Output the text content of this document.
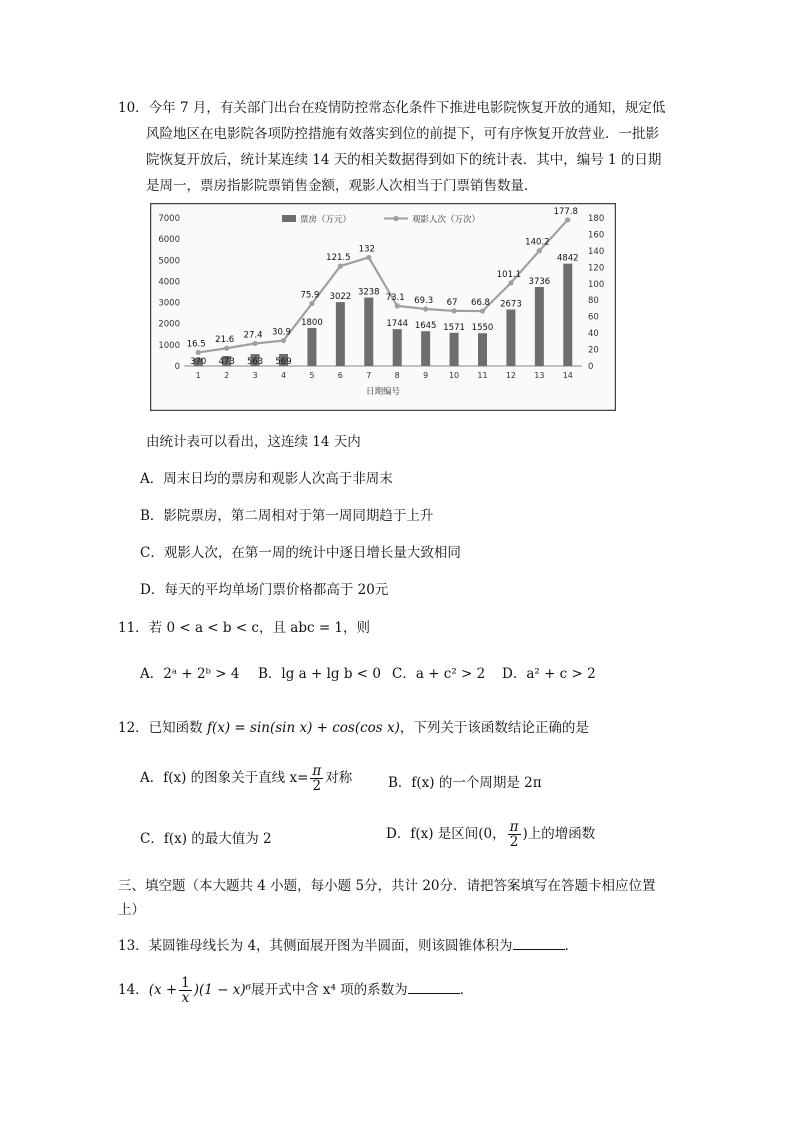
10．今年 7 月，有关部门出台在疫情防控常态化条件下推进电影院恢复开放的通知，规定低
风险地区在电影院各项防控措施有效落实到位的前提下，可有序恢复开放营业．一批影
院恢复开放后，统计某连续 14 天的相关数据得到如下的统计表．其中，编号 1 的日期
是周一，票房指影院票销售金额，观影人次相当于门票销售数量．
0
1000
2000
3000
4000
5000
6000
7000
0
20
40
60
80
100
120
140
160
180
370 473 563 569
1800
3022 3238
1744 1645 1571 1550
2673
3736
4842
16.5 21.6 27.4 30.9
75.9
121.5
132
73.1 69.3 67 66.8
101.1
140.2
177.8
1	2	3	4	5	6	7	8	9	10 11 12 13 14
日期编号
票房（万元）	观影人次（万次）
由统计表可以看出，这连续 14 天内
A．周末日均的票房和观影人次高于非周末
B．影院票房，第二周相对于第一周同期趋于上升
C．观影人次，在第一周的统计中逐日增长量大致相同
D．每天的平均单场门票价格都高于 20元
11．若 0 < a < b < c，且 abc = 1，则
A．2ᵃ + 2ᵇ > 4 B．lg a + lg b < 0 C．a + c² > 2 D．a² + c > 2
12．已知函数 f(x) = sin(sin x) + cos(cos x)，下列关于该函数结论正确的是
A．f(x) 的图象关于直线 $x= \frac{\pi}{2}$ 对称	B．f(x) 的一个周期是 2π
C．f(x) 的最大值为 2	D．f(x) 是区间(0， $\frac{\pi}{2}$ )上的增函数
三、填空题（本大题共 4 小题，每小题 5分，共计 20分．请把答案填写在答题卡相应位置
上）
13．某圆锥母线长为 4，其侧面展开图为半圆面，则该圆锥体积为	．
14．$(x + \frac{1}{x} )(1 - x)^6$展开式中含 x⁴ 项的系数为	．
